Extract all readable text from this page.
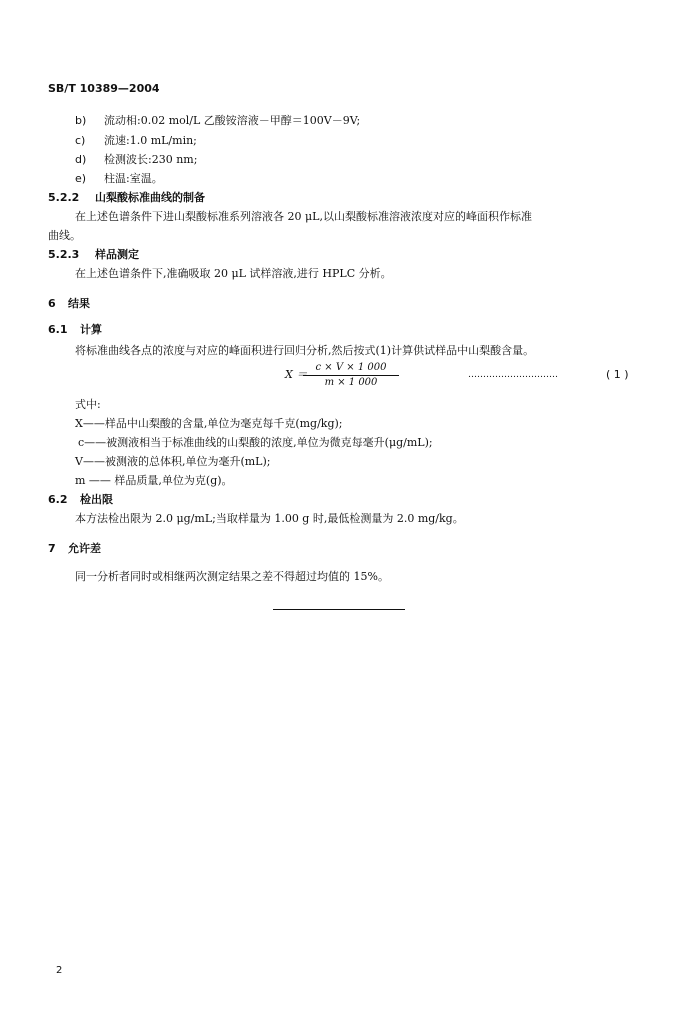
SB/T 10389—2004
b) 流动相:0.02 mol/L 乙酸铵溶液－甲醇＝100V－9V;
c) 流速:1.0 mL/min;
d) 检测波长:230 nm;
e) 柱温:室温。
5.2.2 山梨酸标准曲线的制备
在上述色谱条件下进山梨酸标准系列溶液各 20 μL,以山梨酸标准溶液浓度对应的峰面积作标准
曲线。
5.2.3 样品测定
在上述色谱条件下,准确吸取 20 μL 试样溶液,进行 HPLC 分析。
6 结果
6.1 计算
将标准曲线各点的浓度与对应的峰面积进行回归分析,然后按式(1)计算供试样品中山梨酸含量。
X ＝
$\frac{c \times V \times 1 000}{m \times 1 000}$	…………………………	( 1 )
式中:
X——样品中山梨酸的含量,单位为毫克每千克(mg/kg);
c——被测液相当于标准曲线的山梨酸的浓度,单位为微克每毫升(μg/mL);
V——被测液的总体积,单位为毫升(mL);
m —— 样品质量,单位为克(g)。
6.2 检出限
本方法检出限为 2.0 μg/mL;当取样量为 1.00 g 时,最低检测量为 2.0 mg/kg。
7 允许差
同一分析者同时或相继两次测定结果之差不得超过均值的 15%。
2
